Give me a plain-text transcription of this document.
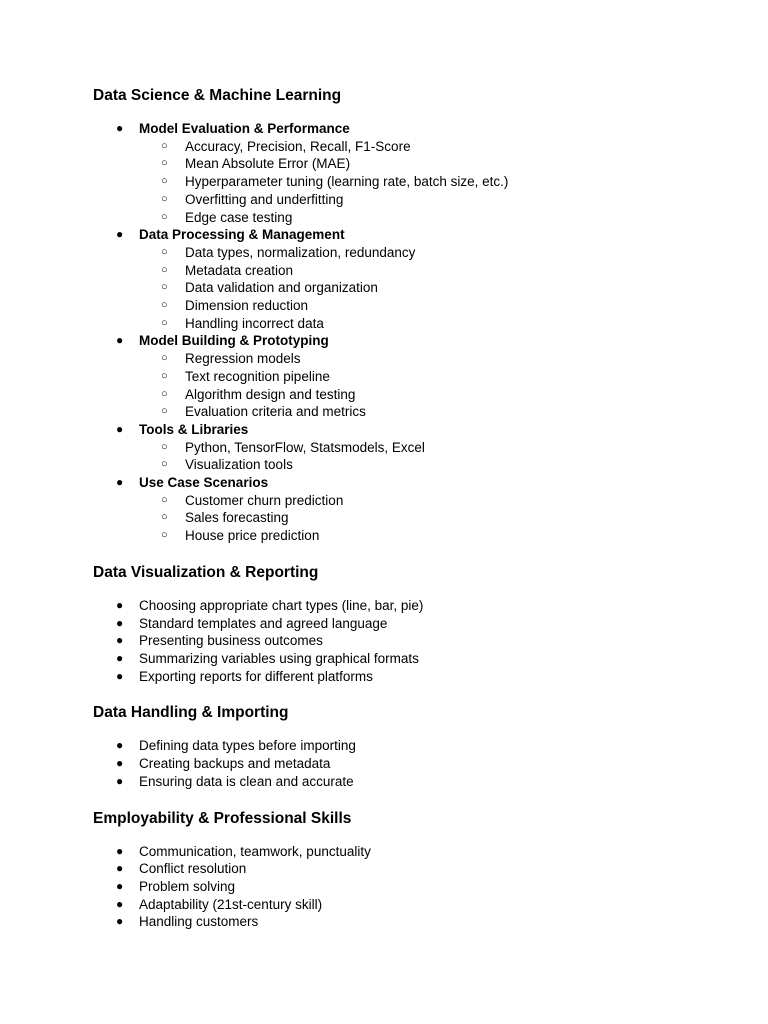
Data Science & Machine Learning
● Model Evaluation & Performance
○ Accuracy, Precision, Recall, F1-Score
○ Mean Absolute Error (MAE)
○ Hyperparameter tuning (learning rate, batch size, etc.)
○ Overfitting and underfitting
○ Edge case testing
● Data Processing & Management
○ Data types, normalization, redundancy
○ Metadata creation
○ Data validation and organization
○ Dimension reduction
○ Handling incorrect data
● Model Building & Prototyping
○ Regression models
○ Text recognition pipeline
○ Algorithm design and testing
○ Evaluation criteria and metrics
● Tools & Libraries
○ Python, TensorFlow, Statsmodels, Excel
○ Visualization tools
● Use Case Scenarios
○ Customer churn prediction
○ Sales forecasting
○ House price prediction
Data Visualization & Reporting
● Choosing appropriate chart types (line, bar, pie)
● Standard templates and agreed language
● Presenting business outcomes
● Summarizing variables using graphical formats
● Exporting reports for different platforms
Data Handling & Importing
● Defining data types before importing
● Creating backups and metadata
● Ensuring data is clean and accurate
Employability & Professional Skills
● Communication, teamwork, punctuality
● Conflict resolution
● Problem solving
● Adaptability (21st-century skill)
● Handling customers
